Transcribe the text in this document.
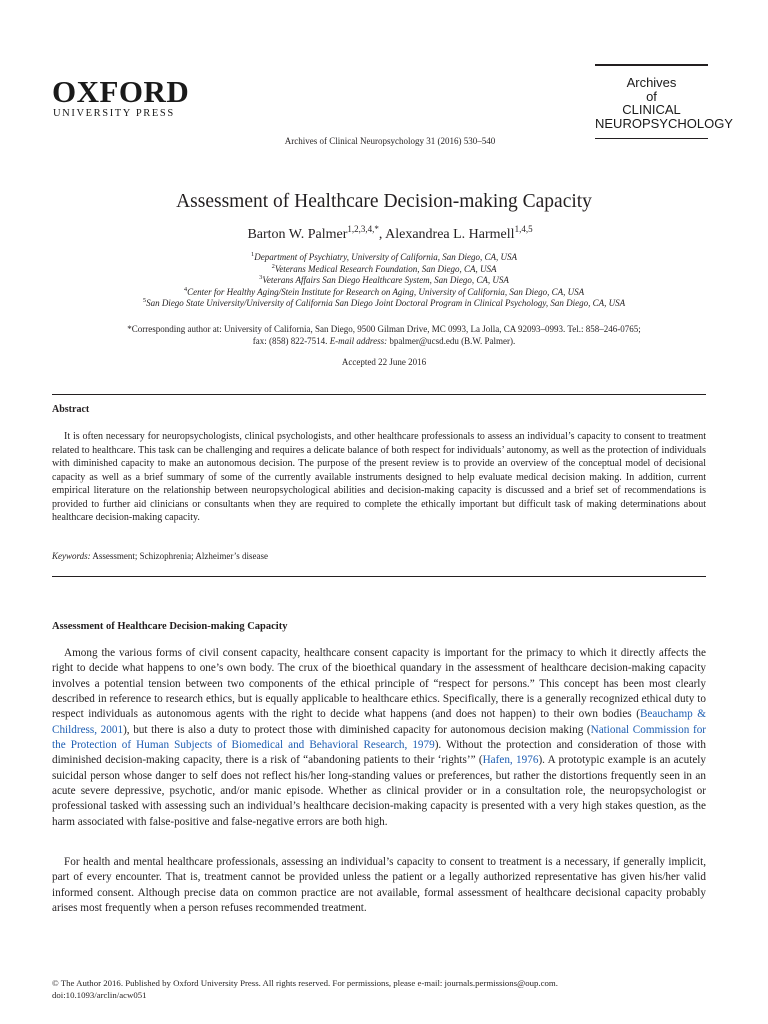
OXFORD
UNIVERSITY PRESS
Archives
of
CLINICAL
NEUROPSYCHOLOGY
Archives of Clinical Neuropsychology 31 (2016) 530–540
Assessment of Healthcare Decision-making Capacity
Barton W. Palmer$^{1,2,3,4,*}$, Alexandrea L. Harmell$^{1,4,5}$
$^1$Department of Psychiatry, University of California, San Diego, CA, USA
$^2$Veterans Medical Research Foundation, San Diego, CA, USA
$^3$Veterans Affairs San Diego Healthcare System, San Diego, CA, USA
$^4$Center for Healthy Aging/Stein Institute for Research on Aging, University of California, San Diego, CA, USA
$^5$San Diego State University/University of California San Diego Joint Doctoral Program in Clinical Psychology, San Diego, CA, USA
*Corresponding author at: University of California, San Diego, 9500 Gilman Drive, MC 0993, La Jolla, CA 92093–0993. Tel.: 858–246-0765;
fax: (858) 822-7514. E-mail address: bpalmer@ucsd.edu (B.W. Palmer).
Accepted 22 June 2016
Abstract
It is often necessary for neuropsychologists, clinical psychologists, and other healthcare professionals to assess an individual’s capacity to consent to treatment related to healthcare. This task can be challenging and requires a delicate balance of both respect for individuals’ autonomy, as well as the protection of individuals with diminished capacity to make an autonomous decision. The purpose of the present review is to provide an overview of the conceptual model of decisional capacity as well as a brief summary of some of the currently available instruments designed to help evaluate medical decision making. In addition, current empirical literature on the relationship between neuropsychological abilities and decision-making capacity is discussed and a brief set of recommendations is provided to further aid clinicians or consultants when they are required to complete the ethically important but difficult task of making determinations about healthcare decision-making capacity.
Keywords: Assessment; Schizophrenia; Alzheimer’s disease
Assessment of Healthcare Decision-making Capacity
Among the various forms of civil consent capacity, healthcare consent capacity is important for the primacy to which it directly affects the right to decide what happens to one’s own body. The crux of the bioethical quandary in the assessment of healthcare decision-making capacity involves a potential tension between two components of the ethical principle of “respect for persons.” This concept has been most clearly described in reference to research ethics, but is equally applicable to healthcare ethics. Specifically, there is a generally recognized ethical duty to respect individuals as autonomous agents with the right to decide what happens (and does not happen) to their own bodies (Beauchamp & Childress, 2001), but there is also a duty to protect those with diminished capacity for autonomous decision making (National Commission for the Protection of Human Subjects of Biomedical and Behavioral Research, 1979). Without the protection and consideration of those with diminished decision-making capacity, there is a risk of “abandoning patients to their ‘rights’” (Hafen, 1976). A prototypic example is an acutely suicidal person whose danger to self does not reflect his/her long-standing values or preferences, but rather the distortions frequently seen in an acute severe depressive, psychotic, and/or manic episode. Whether as clinical provider or in a consultation role, the neuropsychologist or professional tasked with assessing such an individual’s healthcare decision-making capacity is presented with a very high stakes question, as the harm associated with false-positive and false-negative errors are both high.
For health and mental healthcare professionals, assessing an individual’s capacity to consent to treatment is a necessary, if generally implicit, part of every encounter. That is, treatment cannot be provided unless the patient or a legally authorized representative has given his/her valid informed consent. Although precise data on common practice are not available, formal assessment of healthcare decisional capacity probably arises most frequently when a person refuses recommended treatment.
© The Author 2016. Published by Oxford University Press. All rights reserved. For permissions, please e-mail: journals.permissions@oup.com.
doi:10.1093/arclin/acw051
